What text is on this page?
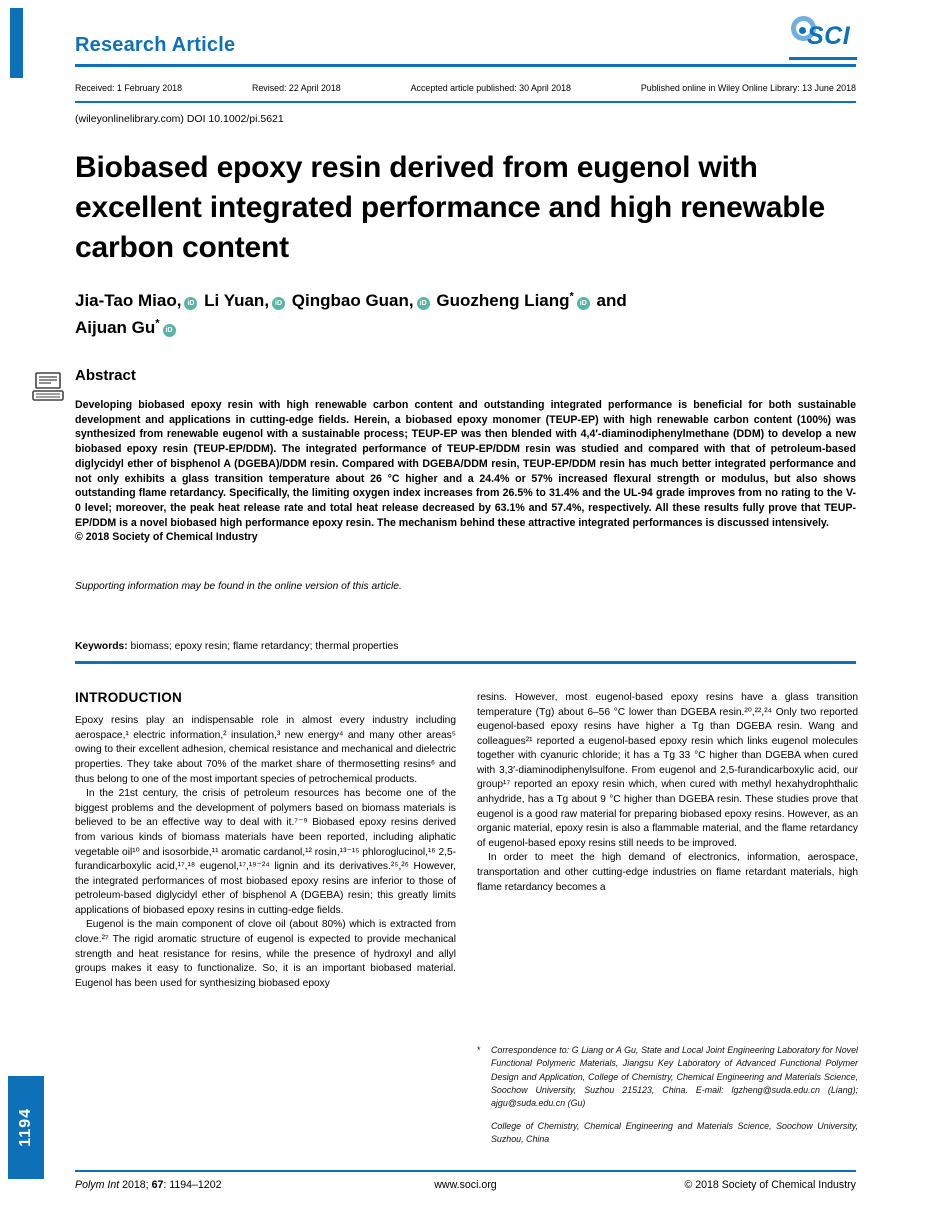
Research Article	SCI
Received: 1 February 2018	Revised: 22 April 2018	Accepted article published: 30 April 2018	Published online in Wiley Online Library: 13 June 2018
(wileyonlinelibrary.com) DOI 10.1002/pi.5621
Biobased epoxy resin derived from eugenol with excellent integrated performance and high renewable carbon content
Jia-Tao Miao, iD Li Yuan, iD Qingbao Guan, iD Guozheng Liang*iD and
Aijuan Gu*iD
Abstract
Developing biobased epoxy resin with high renewable carbon content and outstanding integrated performance is beneficial for both sustainable development and applications in cutting-edge fields. Herein, a biobased epoxy monomer (TEUP-EP) with high renewable carbon content (100%) was synthesized from renewable eugenol with a sustainable process; TEUP-EP was then blended with 4,4′-diaminodiphenylmethane (DDM) to develop a new biobased epoxy resin (TEUP-EP/DDM). The integrated performance of TEUP-EP/DDM resin was studied and compared with that of petroleum-based diglycidyl ether of bisphenol A (DGEBA)/DDM resin. Compared with DGEBA/DDM resin, TEUP-EP/DDM resin has much better integrated performance and not only exhibits a glass transition temperature about 26 °C higher and a 24.4% or 57% increased flexural strength or modulus, but also shows outstanding flame retardancy. Specifically, the limiting oxygen index increases from 26.5% to 31.4% and the UL-94 grade improves from no rating to the V-0 level; moreover, the peak heat release rate and total heat release decreased by 63.1% and 57.4%, respectively. All these results fully prove that TEUP-EP/DDM is a novel biobased high performance epoxy resin. The mechanism behind these attractive integrated performances is discussed intensively.
© 2018 Society of Chemical Industry
Supporting information may be found in the online version of this article.
Keywords: biomass; epoxy resin; flame retardancy; thermal properties
INTRODUCTION

Epoxy resins play an indispensable role in almost every industry including aerospace,¹ electric information,² insulation,³ new energy⁴ and many other areas⁵ owing to their excellent adhesion, chemical resistance and mechanical and dielectric properties. They take about 70% of the market share of thermosetting resins⁶ and thus belong to one of the most important species of petrochemical products.

In the 21st century, the crisis of petroleum resources has become one of the biggest problems and the development of polymers based on biomass materials is believed to be an effective way to deal with it.⁷⁻⁹ Biobased epoxy resins derived from various kinds of biomass materials have been reported, including aliphatic vegetable oil¹⁰ and isosorbide,¹¹ aromatic cardanol,¹² rosin,¹³⁻¹⁵ phloroglucinol,¹⁶ 2,5-furandicarboxylic acid,¹⁷,¹⁸ eugenol,¹⁷,¹⁹⁻²⁴ lignin and its derivatives.²⁵,²⁶ However, the integrated performances of most biobased epoxy resins are inferior to those of petroleum-based diglycidyl ether of bisphenol A (DGEBA) resin; this greatly limits applications of biobased epoxy resins in cutting-edge fields.

Eugenol is the main component of clove oil (about 80%) which is extracted from clove.²⁷ The rigid aromatic structure of eugenol is expected to provide mechanical strength and heat resistance for resins, while the presence of hydroxyl and allyl groups makes it easy to functionalize. So, it is an important biobased material. Eugenol has been used for synthesizing biobased epoxy

resins. However, most eugenol-based epoxy resins have a glass transition temperature (Tg) about 6–56 °C lower than DGEBA resin.²⁰,²²,²⁴ Only two reported eugenol-based epoxy resins have higher a Tg than DGEBA resin. Wang and colleagues²¹ reported a eugenol-based epoxy resin which links eugenol molecules together with cyanuric chloride; it has a Tg 33 °C higher than DGEBA when cured with 3,3′-diaminodiphenylsulfone. From eugenol and 2,5-furandicarboxylic acid, our group¹⁷ reported an epoxy resin which, when cured with methyl hexahydrophthalic anhydride, has a Tg about 9 °C higher than DGEBA resin. These studies prove that eugenol is a good raw material for preparing biobased epoxy resins. However, as an organic material, epoxy resin is also a flammable material, and the flame retardancy of eugenol-based epoxy resins still needs to be improved.

In order to meet the high demand of electronics, information, aerospace, transportation and other cutting-edge industries on flame retardant materials, high flame retardancy becomes a

* Correspondence to: G Liang or A Gu, State and Local Joint Engineering Laboratory for Novel Functional Polymeric Materials, Jiangsu Key Laboratory of Advanced Functional Polymer Design and Application, College of Chemistry, Chemical Engineering and Materials Science, Soochow University, Suzhou 215123, China. E-mail: lgzheng@suda.edu.cn (Liang); ajgu@suda.edu.cn (Gu)

College of Chemistry, Chemical Engineering and Materials Science, Soochow University, Suzhou, China

1194
Polym Int 2018; 67: 1194–1202	www.soci.org	© 2018 Society of Chemical Industry
